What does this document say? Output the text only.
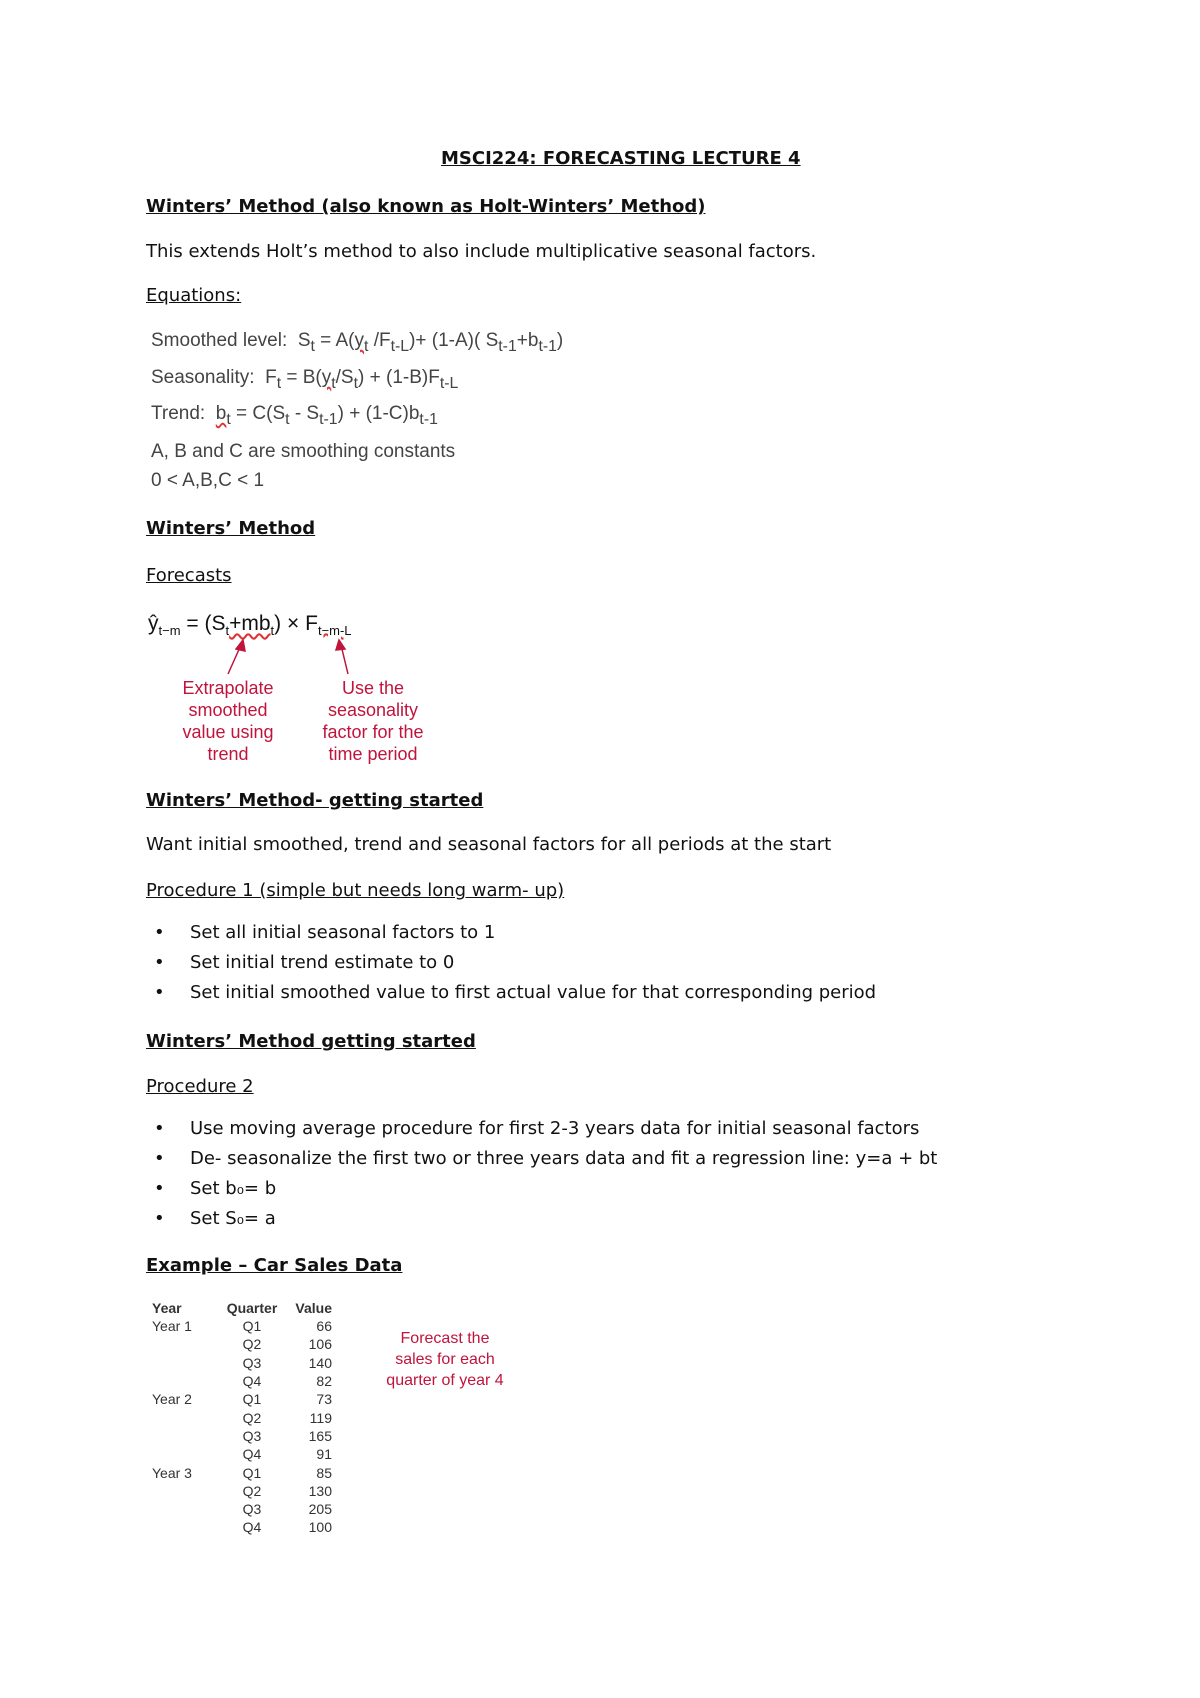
MSCI224: FORECASTING LECTURE 4
Winters’ Method (also known as Holt-Winters’ Method)
This extends Holt’s method to also include multiplicative seasonal factors.
Equations:
Smoothed level: $S_t = A(y_t$ $/F_{t-L})+ (1-A)$( $S_{t-1}+b_{t-1}$)
Seasonality: $F_t = B(y_t/S_t) + (1-B)F_{t-L}$
Trend: $b_t = C(S_t - S_{t-1}) + (1-C)b_{t-1}$
A, B and C are smoothing constants
0 < A,B,C < 1
Winters’ Method
Forecasts
$ŷ_{t-m} = (S_t+mb_t) \times F_{t-m-L}$
Extrapolate
smoothed
value using
trend
Use the
seasonality
factor for the
time period
Winters’ Method- getting started
Want initial smoothed, trend and seasonal factors for all periods at the start
Procedure 1 (simple but needs long warm- up)
• Set all initial seasonal factors to 1
• Set initial trend estimate to 0
• Set initial smoothed value to first actual value for that corresponding period
Winters’ Method getting started
Procedure 2
• Use moving average procedure for first 2-3 years data for initial seasonal factors
• De- seasonalize the first two or three years data and fit a regression line: y=a + bt
• Set b₀= b
• Set S₀= a
Example – Car Sales Data
Year	Quarter	Value
Year 1	Q1	66
	Q2	106
	Q3	140
	Q4	82
Year 2	Q1	73
	Q2	119
	Q3	165
	Q4	91
Year 3	Q1	85
	Q2	130
	Q3	205
	Q4	100
Forecast the
sales for each
quarter of year 4
